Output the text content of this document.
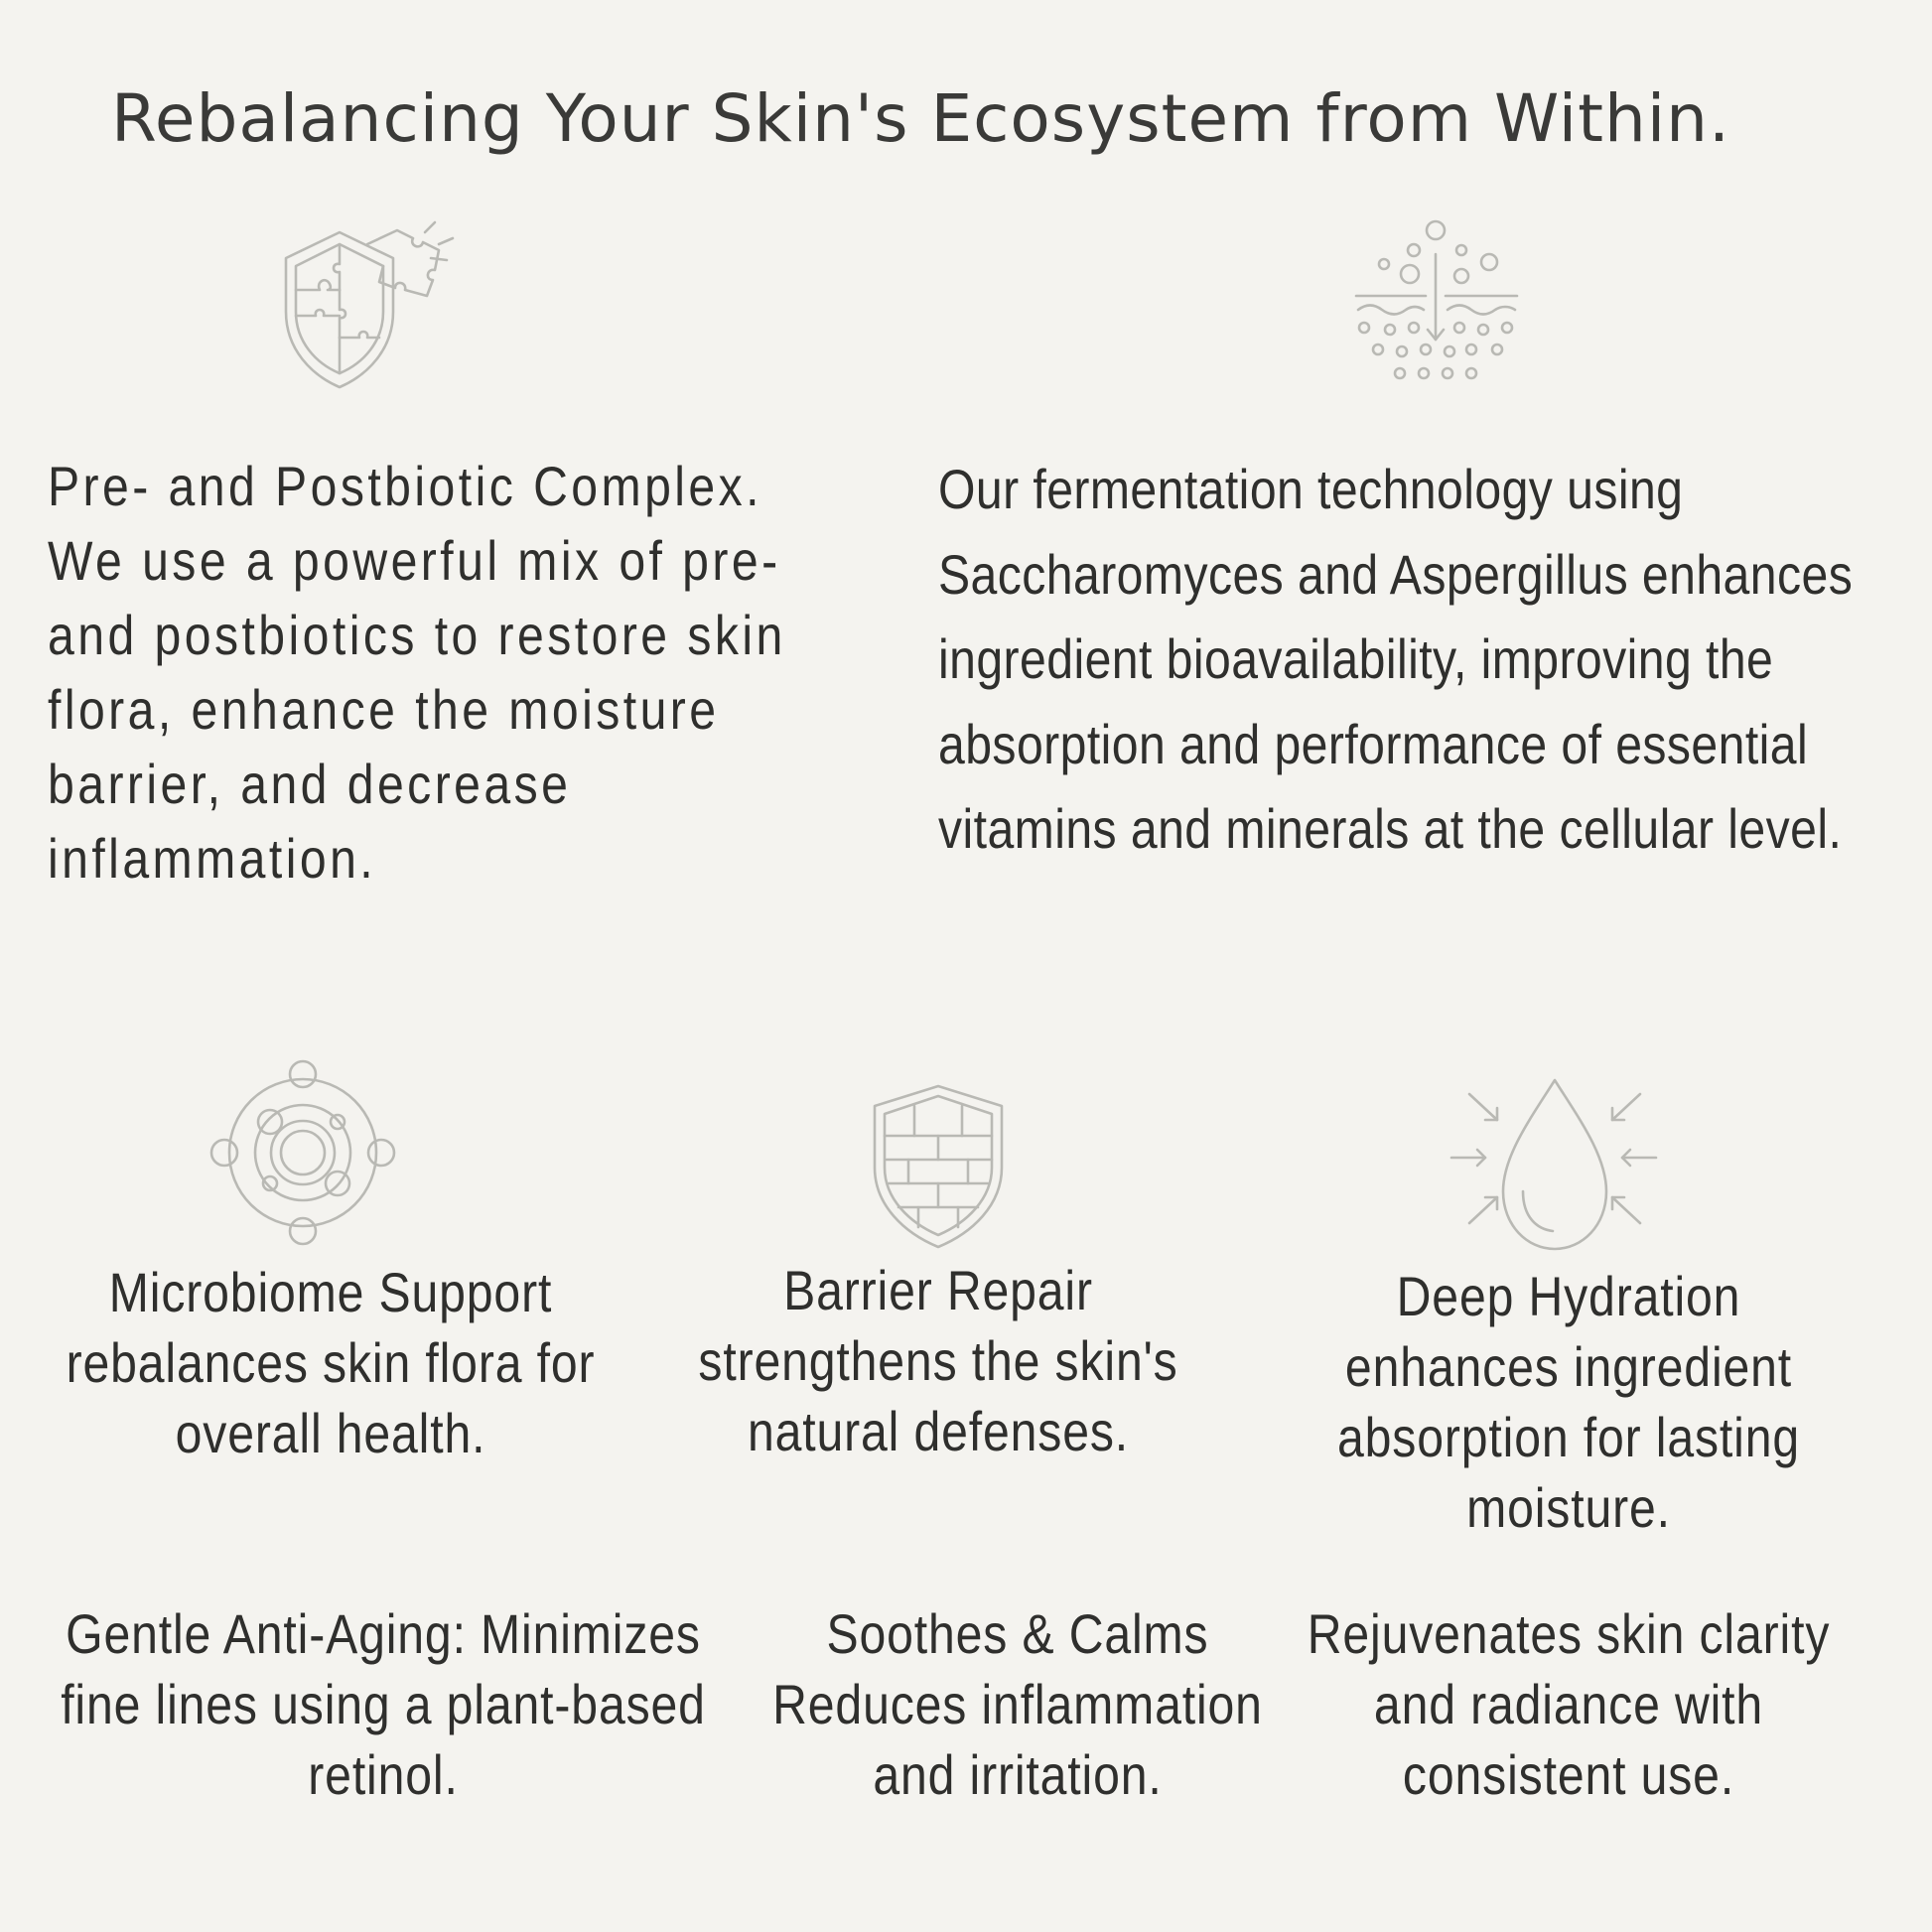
Rebalancing Your Skin's Ecosystem from Within.
Pre- and Postbiotic Complex. We use a powerful mix of pre- and postbiotics to restore skin flora, enhance the moisture barrier, and decrease inflammation.
Our fermentation technology using Saccharomyces and Aspergillus enhances ingredient bioavailability, improving the absorption and performance of essential vitamins and minerals at the cellular level.
Microbiome Support rebalances skin flora for overall health.
Barrier Repair strengthens the skin's natural defenses.
Deep Hydration enhances ingredient absorption for lasting moisture.
Gentle Anti-Aging: Minimizes fine lines using a plant-based retinol.
Soothes & Calms Reduces inflammation and irritation.
Rejuvenates skin clarity and radiance with consistent use.
